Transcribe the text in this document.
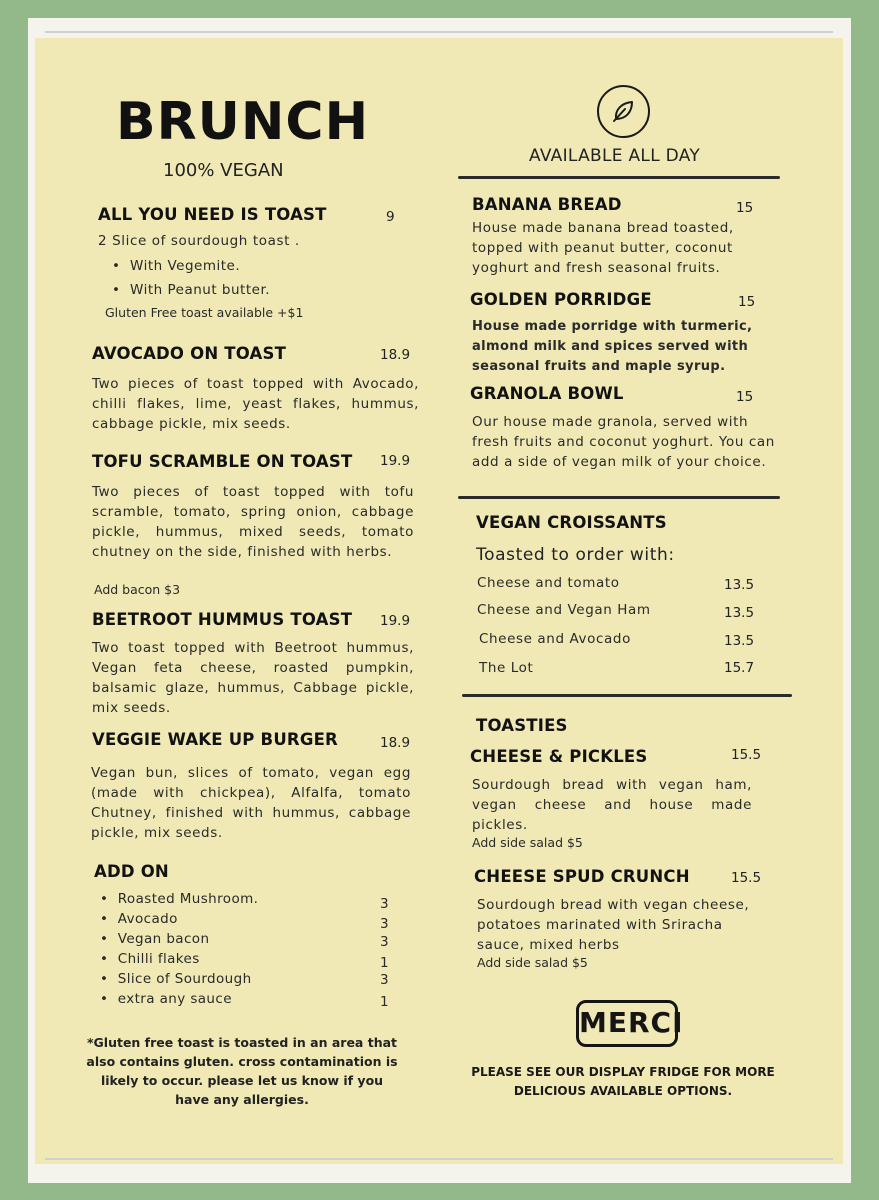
BRUNCH
100% VEGAN
ALL YOU NEED IS TOAST	9
2 Slice of sourdough toast .
•  With Vegemite.
•  With Peanut butter.
Gluten Free toast available +$1
AVOCADO ON TOAST	18.9
Two pieces of toast topped with Avocado, chilli flakes, lime, yeast flakes, hummus, cabbage pickle, mix seeds.
TOFU SCRAMBLE ON TOAST 19.9
Two pieces of toast topped with tofu scramble, tomato, spring onion, cabbage pickle, hummus, mixed seeds, tomato chutney on the side, finished with herbs.
Add bacon $3
BEETROOT HUMMUS TOAST 19.9
Two toast topped with Beetroot hummus, Vegan feta cheese, roasted pumpkin, balsamic glaze, hummus, Cabbage pickle, mix seeds.
VEGGIE WAKE UP BURGER	18.9
Vegan bun, slices of tomato, vegan egg (made with chickpea), Alfalfa, tomato Chutney, finished with hummus, cabbage pickle, mix seeds.
ADD ON
•  Roasted Mushroom.	3
•  Avocado	3
•  Vegan bacon	3
•  Chilli flakes	1
•  Slice of Sourdough	3
•  extra any sauce	1
*Gluten free toast is toasted in an area that also contains gluten. cross contamination is likely to occur. please let us know if you have any allergies.
AVAILABLE ALL DAY
BANANA BREAD	15
House made banana bread toasted, topped with peanut butter, coconut yoghurt and fresh seasonal fruits.
GOLDEN PORRIDGE	15
House made porridge with turmeric, almond milk and spices served with seasonal fruits and maple syrup.
GRANOLA BOWL	15
Our house made granola, served with fresh fruits and coconut yoghurt. You can add a side of vegan milk of your choice.
VEGAN CROISSANTS
Toasted to order with:
Cheese and tomato	13.5
Cheese and Vegan Ham	13.5
Cheese and Avocado	13.5
The Lot	15.7
TOASTIES
CHEESE & PICKLES	15.5
Sourdough bread with vegan ham, vegan cheese and house made pickles.
Add side salad $5
CHEESE SPUD CRUNCH	15.5
Sourdough bread with vegan cheese, potatoes marinated with Sriracha sauce, mixed herbs
Add side salad $5
MERCI
PLEASE SEE OUR DISPLAY FRIDGE FOR MORE DELICIOUS AVAILABLE OPTIONS.
